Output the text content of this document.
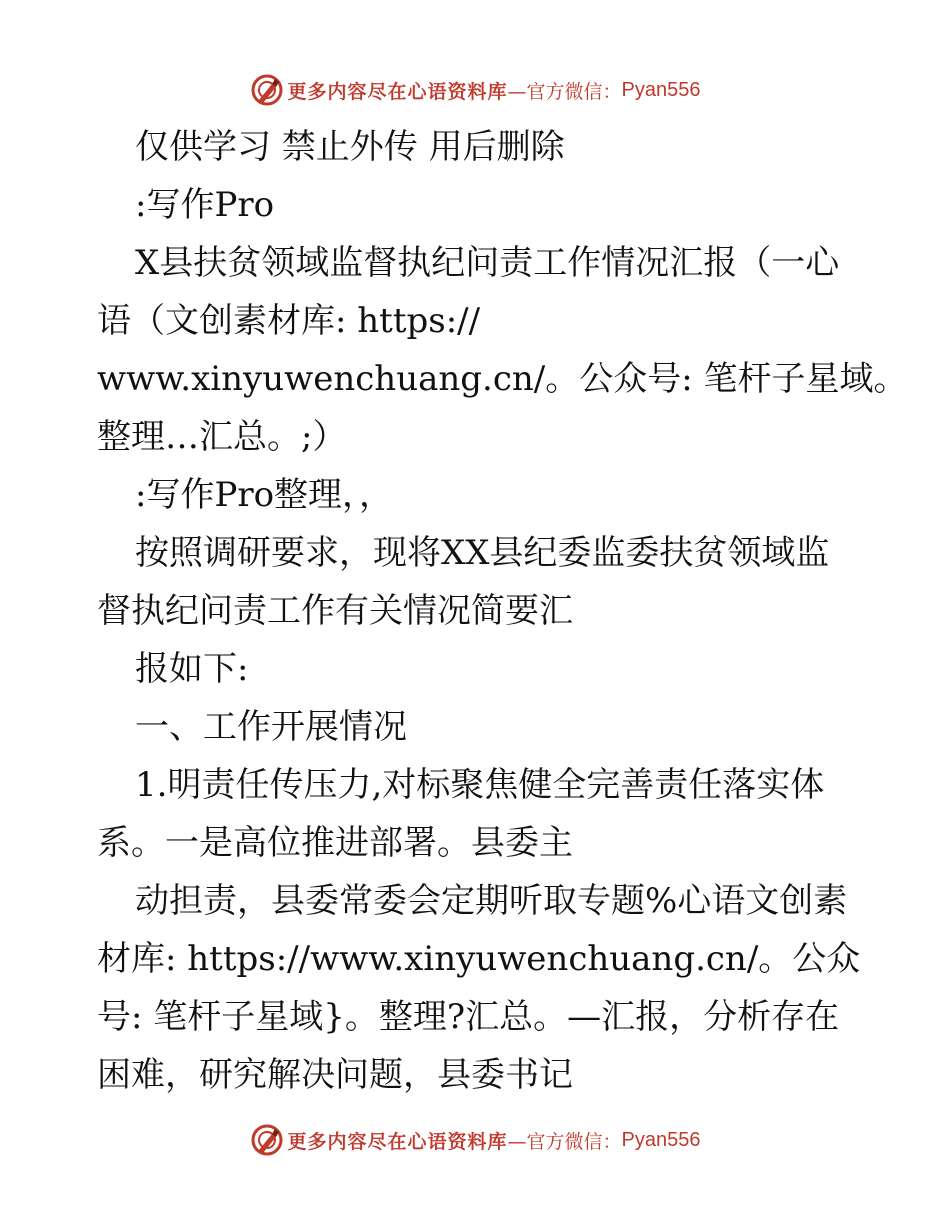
更多内容尽在心语资料库 —官方微信： Pyan556
仅供学习 禁止外传 用后删除
:写作Pro
X县扶贫领域监督执纪问责工作情况汇报（一心
语（文创素材库: https://
www.xinyuwenchuang.cn/。公众号: 笔杆子星域。
整理…汇总。;）
:写作Pro整理，，
按照调研要求，现将XX县纪委监委扶贫领域监
督执纪问责工作有关情况简要汇
报如下:
一、工作开展情况
1.明责任传压力,对标聚焦健全完善责任落实体
系。一是高位推进部署。县委主
动担责，县委常委会定期听取专题%心语文创素
材库: https://www.xinyuwenchuang.cn/。公众
号: 笔杆子星域}。整理?汇总。—汇报，分析存在
困难，研究解决问题，县委书记
更多内容尽在心语资料库 —官方微信： Pyan556
